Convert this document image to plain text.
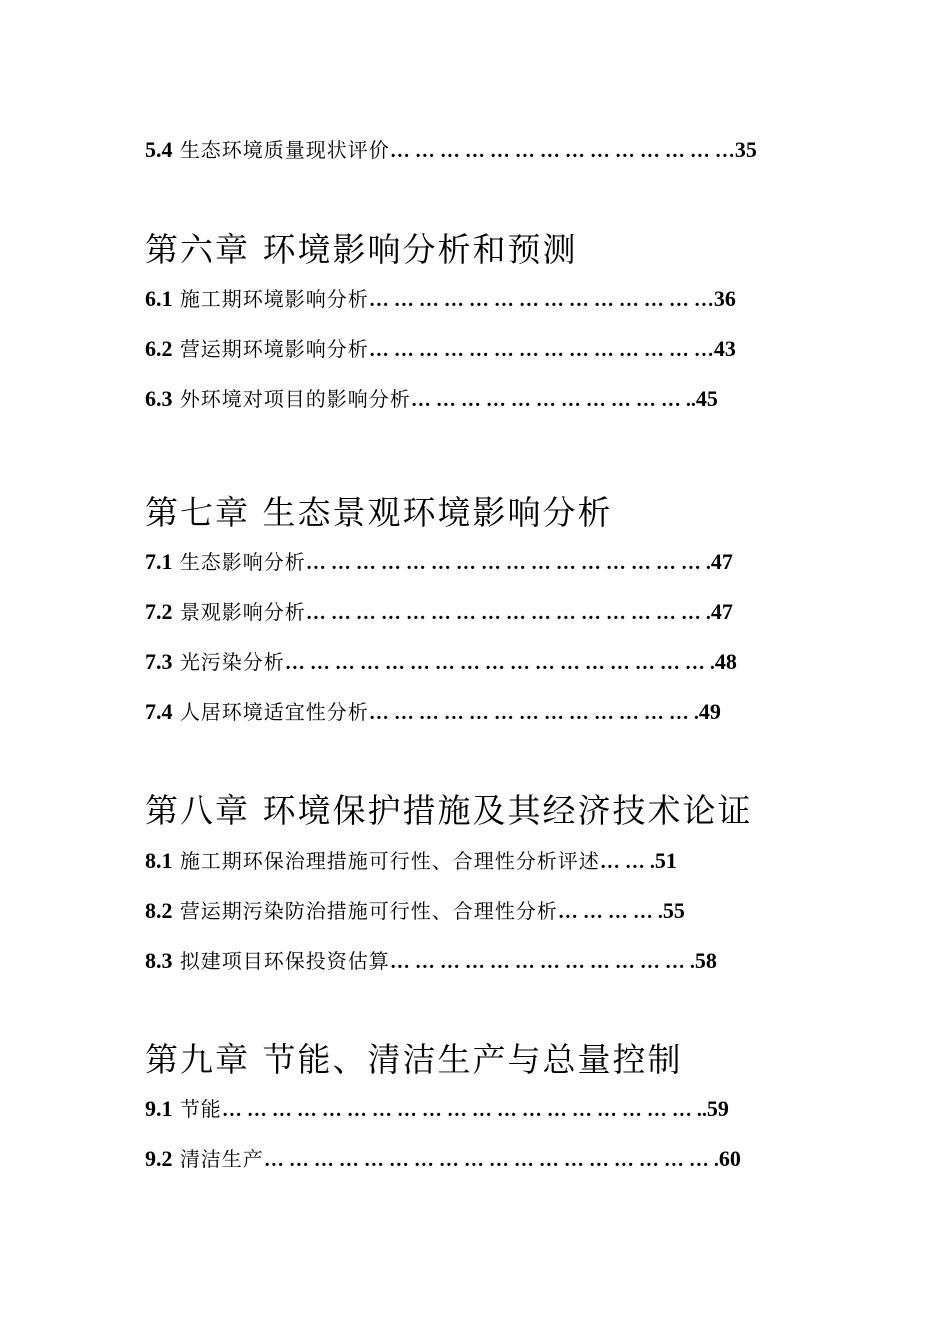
5.4 生态环境质量现状评价… … … … … … … … … … … … … …35
第六章 环境影响分析和预测
6.1 施工期环境影响分析… … … … … … … … … … … … … …36
6.2 营运期环境影响分析… … … … … … … … … … … … … …43
6.3 外环境对项目的影响分析… … … … … … … … … … … ..45
第七章 生态景观环境影响分析
7.1 生态影响分析… … … … … … … … … … … … … … … … .47
7.2 景观影响分析… … … … … … … … … … … … … … … … .47
7.3 光污染分析… … … … … … … … … … … … … … … … … .48
7.4 人居环境适宜性分析… … … … … … … … … … … … … .49
第八章 环境保护措施及其经济技术论证
8.1 施工期环保治理措施可行性、合理性分析评述… … .51
8.2 营运期污染防治措施可行性、合理性分析… … … … .55
8.3 拟建项目环保投资估算… … … … … … … … … … … … .58
第九章 节能、清洁生产与总量控制
9.1 节能… … … … … … … … … … … … … … … … … … … ..59
9.2 清洁生产… … … … … … … … … … … … … … … … … … .60
